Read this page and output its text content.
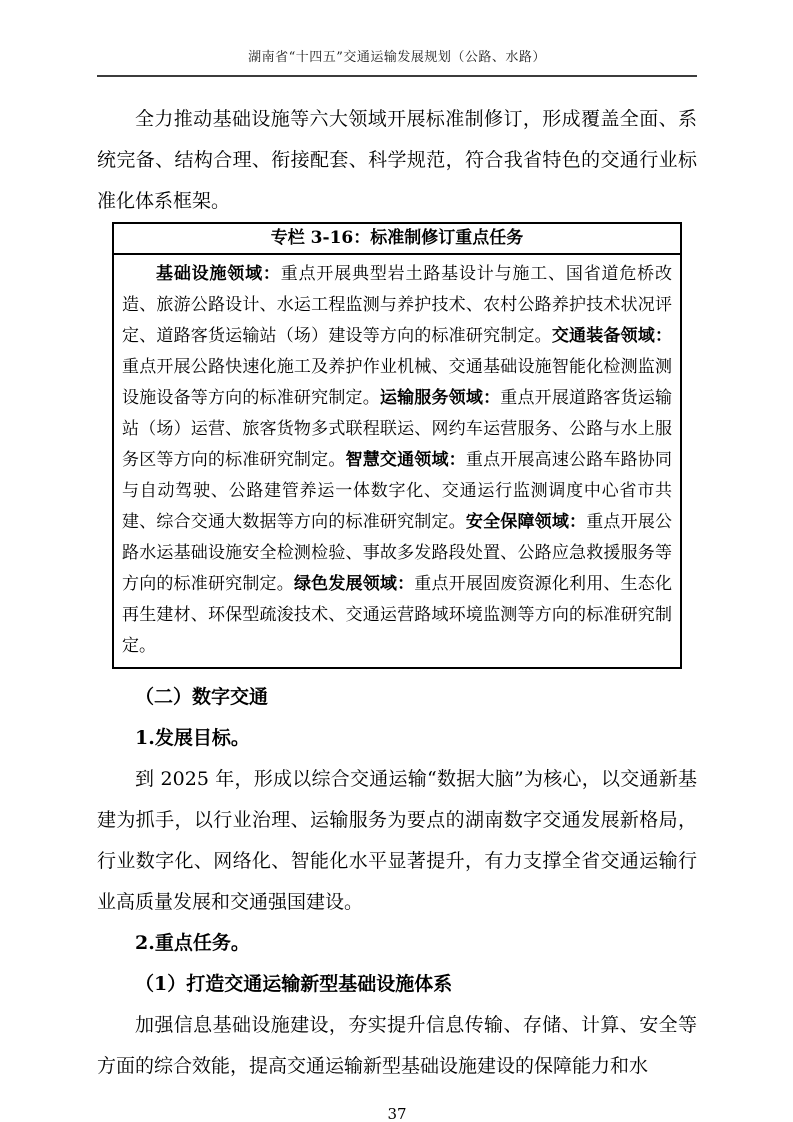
湖南省“十四五”交通运输发展规划（公路、水路）

全力推动基础设施等六大领域开展标准制修订，形成覆盖全面、系统完备、结构合理、衔接配套、科学规范，符合我省特色的交通行业标准化体系框架。

专栏 3-16：标准制修订重点任务
基础设施领域：重点开展典型岩土路基设计与施工、国省道危桥改造、旅游公路设计、水运工程监测与养护技术、农村公路养护技术状况评定、道路客货运输站（场）建设等方向的标准研究制定。交通装备领域：重点开展公路快速化施工及养护作业机械、交通基础设施智能化检测监测设施设备等方向的标准研究制定。运输服务领域：重点开展道路客货运输站（场）运营、旅客货物多式联程联运、网约车运营服务、公路与水上服务区等方向的标准研究制定。智慧交通领域：重点开展高速公路车路协同与自动驾驶、公路建管养运一体数字化、交通运行监测调度中心省市共建、综合交通大数据等方向的标准研究制定。安全保障领域：重点开展公路水运基础设施安全检测检验、事故多发路段处置、公路应急救援服务等方向的标准研究制定。绿色发展领域：重点开展固废资源化利用、生态化再生建材、环保型疏浚技术、交通运营路域环境监测等方向的标准研究制定。

（二）数字交通

1.发展目标。

到 2025 年，形成以综合交通运输“数据大脑”为核心，以交通新基建为抓手，以行业治理、运输服务为要点的湖南数字交通发展新格局，行业数字化、网络化、智能化水平显著提升，有力支撑全省交通运输行业高质量发展和交通强国建设。

2.重点任务。

（1）打造交通运输新型基础设施体系

加强信息基础设施建设，夯实提升信息传输、存储、计算、安全等方面的综合效能，提高交通运输新型基础设施建设的保障能力和水

37
